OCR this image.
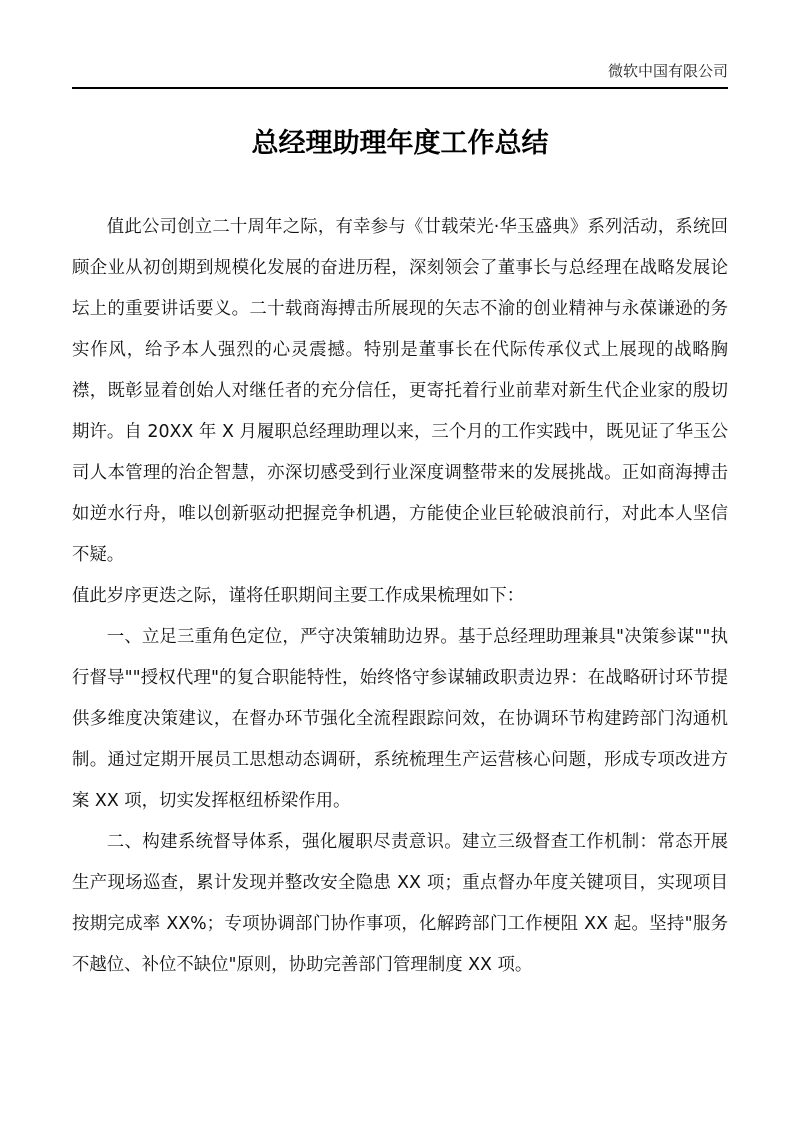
微软中国有限公司
总经理助理年度工作总结

值此公司创立二十周年之际，有幸参与《廿载荣光·华玉盛典》系列活动，系统回顾企业从初创期到规模化发展的奋进历程，深刻领会了董事长与总经理在战略发展论坛上的重要讲话要义。二十载商海搏击所展现的矢志不渝的创业精神与永葆谦逊的务实作风，给予本人强烈的心灵震撼。特别是董事长在代际传承仪式上展现的战略胸襟，既彰显着创始人对继任者的充分信任，更寄托着行业前辈对新生代企业家的殷切期许。自 20XX 年 X 月履职总经理助理以来，三个月的工作实践中，既见证了华玉公司人本管理的治企智慧，亦深切感受到行业深度调整带来的发展挑战。正如商海搏击如逆水行舟，唯以创新驱动把握竞争机遇，方能使企业巨轮破浪前行，对此本人坚信不疑。

值此岁序更迭之际，谨将任职期间主要工作成果梳理如下：

一、立足三重角色定位，严守决策辅助边界。基于总经理助理兼具"决策参谋""执行督导""授权代理"的复合职能特性，始终恪守参谋辅政职责边界：在战略研讨环节提供多维度决策建议，在督办环节强化全流程跟踪问效，在协调环节构建跨部门沟通机制。通过定期开展员工思想动态调研，系统梳理生产运营核心问题，形成专项改进方案 XX 项，切实发挥枢纽桥梁作用。

二、构建系统督导体系，强化履职尽责意识。建立三级督查工作机制：常态开展生产现场巡查，累计发现并整改安全隐患 XX 项；重点督办年度关键项目，实现项目按期完成率 XX%；专项协调部门协作事项，化解跨部门工作梗阻 XX 起。坚持"服务不越位、补位不缺位"原则，协助完善部门管理制度 XX 项。
